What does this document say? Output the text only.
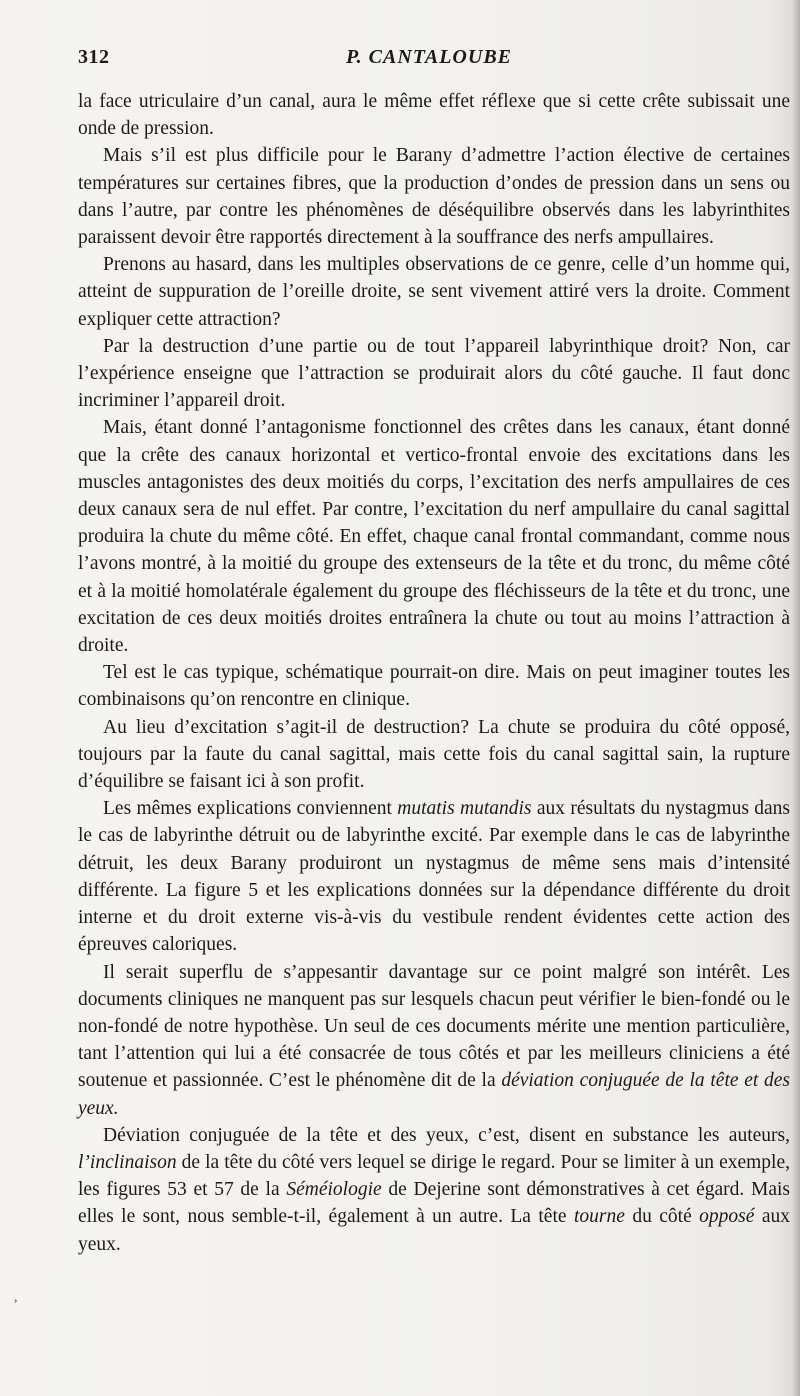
312	P. CANTALOUBE

la face utriculaire d’un canal, aura le même effet réflexe que si cette crête subissait une onde de pression.

Mais s’il est plus difficile pour le Barany d’admettre l’action élective de certaines températures sur certaines fibres, que la production d’ondes de pression dans un sens ou dans l’autre, par contre les phénomènes de déséquilibre observés dans les labyrinthites paraissent devoir être rapportés directement à la souffrance des nerfs ampullaires.

Prenons au hasard, dans les multiples observations de ce genre, celle d’un homme qui, atteint de suppuration de l’oreille droite, se sent vivement attiré vers la droite. Comment expliquer cette attraction?

Par la destruction d’une partie ou de tout l’appareil labyrinthique droit? Non, car l’expérience enseigne que l’attraction se produirait alors du côté gauche. Il faut donc incriminer l’appareil droit.

Mais, étant donné l’antagonisme fonctionnel des crêtes dans les canaux, étant donné que la crête des canaux horizontal et vertico-frontal envoie des excitations dans les muscles antagonistes des deux moitiés du corps, l’excitation des nerfs ampullaires de ces deux canaux sera de nul effet. Par contre, l’excitation du nerf ampullaire du canal sagittal produira la chute du même côté. En effet, chaque canal frontal commandant, comme nous l’avons montré, à la moitié du groupe des extenseurs de la tête et du tronc, du même côté et à la moitié homolatérale également du groupe des fléchisseurs de la tête et du tronc, une excitation de ces deux moitiés droites entraînera la chute ou tout au moins l’attraction à droite.

Tel est le cas typique, schématique pourrait-on dire. Mais on peut imaginer toutes les combinaisons qu’on rencontre en clinique.

Au lieu d’excitation s’agit-il de destruction? La chute se produira du côté opposé, toujours par la faute du canal sagittal, mais cette fois du canal sagittal sain, la rupture d’équilibre se faisant ici à son profit.

Les mêmes explications conviennent mutatis mutandis aux résultats du nystagmus dans le cas de labyrinthe détruit ou de labyrinthe excité. Par exemple dans le cas de labyrinthe détruit, les deux Barany produiront un nystagmus de même sens mais d’intensité différente. La figure 5 et les explications données sur la dépendance différente du droit interne et du droit externe vis-à-vis du vestibule rendent évidentes cette action des épreuves caloriques.

Il serait superflu de s’appesantir davantage sur ce point malgré son intérêt. Les documents cliniques ne manquent pas sur lesquels chacun peut vérifier le bien-fondé ou le non-fondé de notre hypothèse. Un seul de ces documents mérite une mention particulière, tant l’attention qui lui a été consacrée de tous côtés et par les meilleurs cliniciens a été soutenue et passionnée. C’est le phénomène dit de la déviation conjuguée de la tête et des yeux.

Déviation conjuguée de la tête et des yeux, c’est, disent en substance les auteurs, l’inclinaison de la tête du côté vers lequel se dirige le regard. Pour se limiter à un exemple, les figures 53 et 57 de la Séméiologie de Dejerine sont démonstratives à cet égard. Mais elles le sont, nous semble-t-il, également à un autre. La tête tourne du côté opposé aux yeux.

,
